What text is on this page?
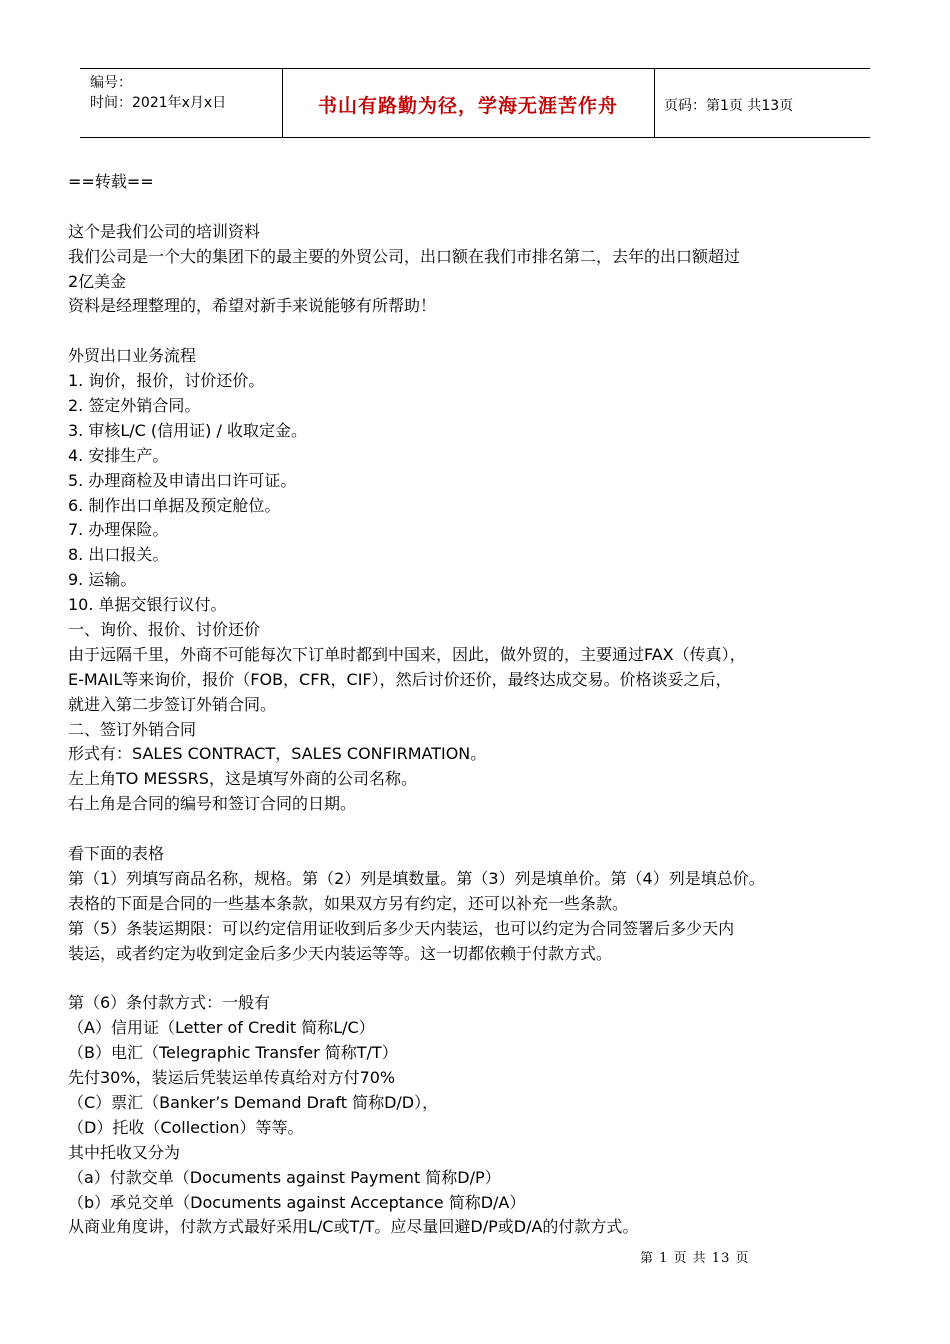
编号：
时间：2021年x月x日	书山有路勤为径，学海无涯苦作舟	页码：第1页 共13页
==转载==
这个是我们公司的培训资料
我们公司是一个大的集团下的最主要的外贸公司，出口额在我们市排名第二，去年的出口额超过
2亿美金
资料是经理整理的，希望对新手来说能够有所帮助！
外贸出口业务流程
1. 询价，报价，讨价还价。
2. 签定外销合同。
3. 审核L/C (信用证) / 收取定金。
4. 安排生产。
5. 办理商检及申请出口许可证。
6. 制作出口单据及预定舱位。
7. 办理保险。
8. 出口报关。
9. 运输。
10. 单据交银行议付。
一、询价、报价、讨价还价
由于远隔千里，外商不可能每次下订单时都到中国来，因此，做外贸的，主要通过FAX（传真），
E-MAIL等来询价，报价（FOB，CFR，CIF），然后讨价还价，最终达成交易。价格谈妥之后，
就进入第二步签订外销合同。
二、签订外销合同
形式有：SALES CONTRACT，SALES CONFIRMATION。
左上角TO MESSRS，这是填写外商的公司名称。
右上角是合同的编号和签订合同的日期。
看下面的表格
第（1）列填写商品名称，规格。第（2）列是填数量。第（3）列是填单价。第（4）列是填总价。
表格的下面是合同的一些基本条款，如果双方另有约定，还可以补充一些条款。
第（5）条装运期限：可以约定信用证收到后多少天内装运，也可以约定为合同签署后多少天内
装运，或者约定为收到定金后多少天内装运等等。这一切都依赖于付款方式。
第（6）条付款方式：一般有
（A）信用证（Letter of Credit 简称L/C）
（B）电汇（Telegraphic Transfer 简称T/T）
先付30%，装运后凭装运单传真给对方付70%
（C）票汇（Banker’s Demand Draft 简称D/D），
（D）托收（Collection）等等。
其中托收又分为
（a）付款交单（Documents against Payment 简称D/P）
（b）承兑交单（Documents against Acceptance 简称D/A）
从商业角度讲，付款方式最好采用L/C或T/T。应尽量回避D/P或D/A的付款方式。
第 1 页 共 13 页
